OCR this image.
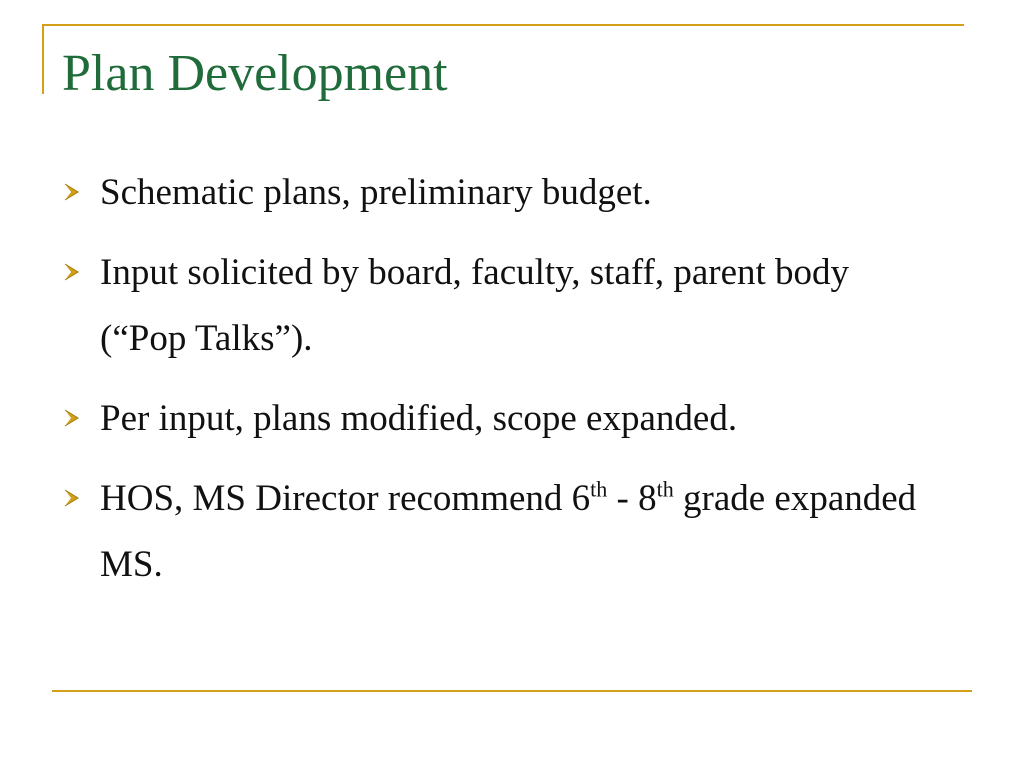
Plan Development
Schematic plans, preliminary budget.
Input solicited by board, faculty, staff, parent body (“Pop Talks”).
Per input, plans modified, scope expanded.
HOS, MS Director recommend 6th - 8th grade expanded MS.
